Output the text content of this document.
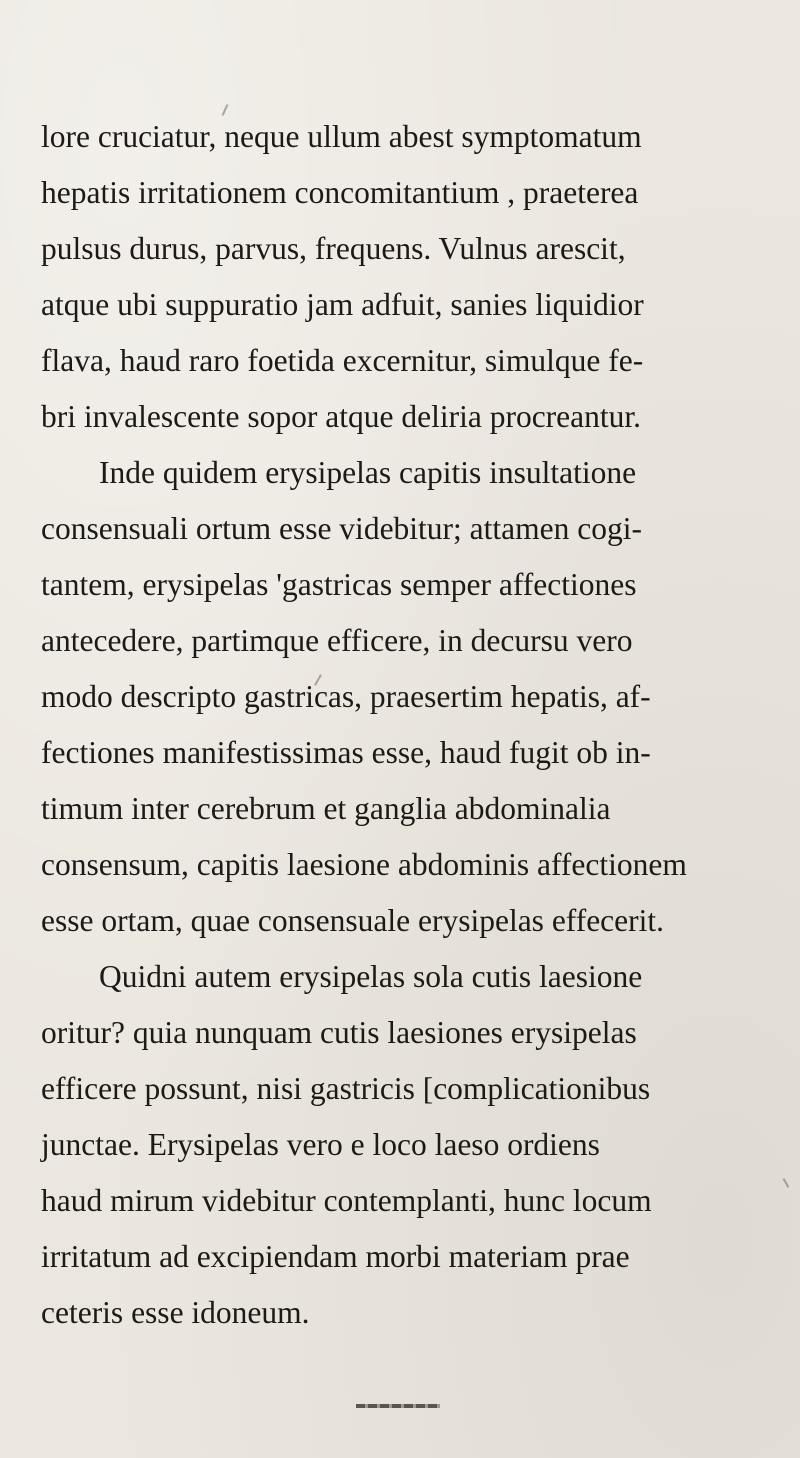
lore cruciatur, neque ullum abest symptomatum
hepatis irritationem concomitantium , praeterea
pulsus durus, parvus, frequens. Vulnus arescit,
atque ubi suppuratio jam adfuit, sanies liquidior
flava, haud raro foetida excernitur, simulque fe-
bri invalescente sopor atque deliria procreantur.
Inde quidem erysipelas capitis insultatione
consensuali ortum esse videbitur; attamen cogi-
tantem, erysipelas 'gastricas semper affectiones
antecedere, partimque efficere, in decursu vero
modo descripto gastricas, praesertim hepatis, af-
fectiones manifestissimas esse, haud fugit ob in-
timum inter cerebrum et ganglia abdominalia
consensum, capitis laesione abdominis affectionem
esse ortam, quae consensuale erysipelas effecerit.
Quidni autem erysipelas sola cutis laesione
oritur? quia nunquam cutis laesiones erysipelas
efficere possunt, nisi gastricis [complicationibus
junctae. Erysipelas vero e loco laeso ordiens
haud mirum videbitur contemplanti, hunc locum
irritatum ad excipiendam morbi materiam prae
ceteris esse idoneum.
